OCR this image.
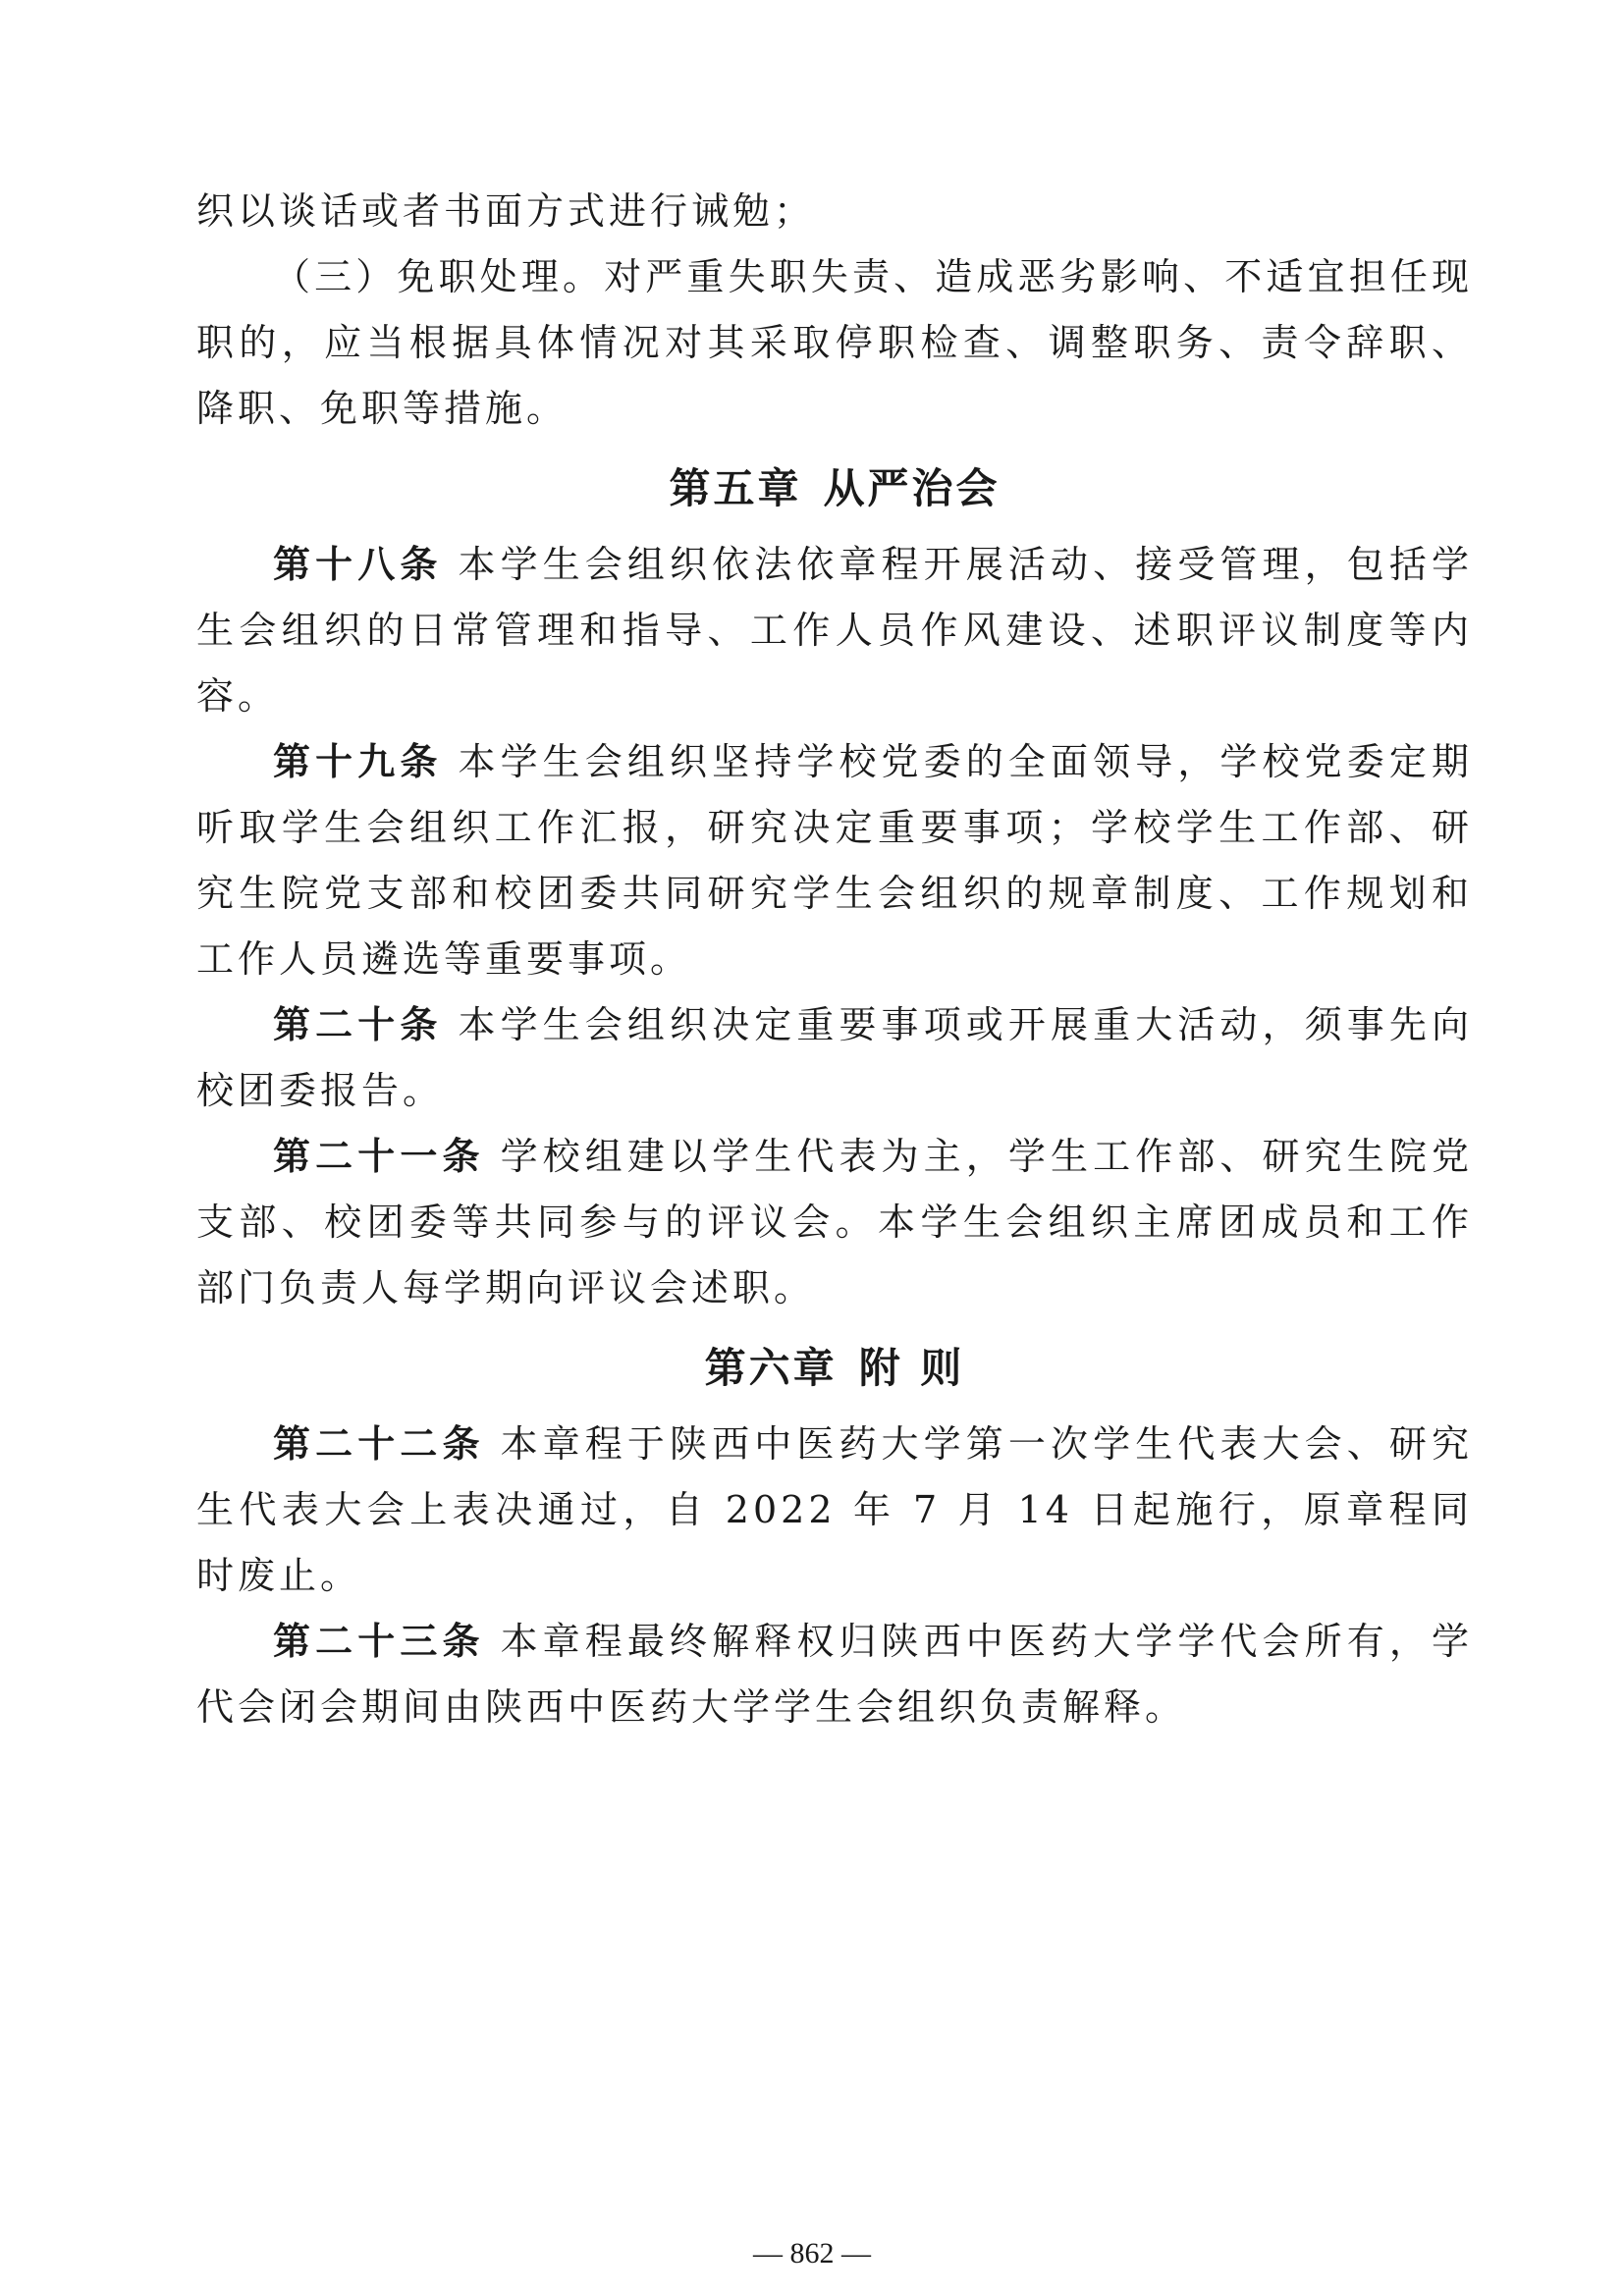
织以谈话或者书面方式进行诫勉；

（三）免职处理。对严重失职失责、造成恶劣影响、不适宜担任现职的，应当根据具体情况对其采取停职检查、调整职务、责令辞职、降职、免职等措施。

第五章 从严治会

第十八条 本学生会组织依法依章程开展活动、接受管理，包括学生会组织的日常管理和指导、工作人员作风建设、述职评议制度等内容。

第十九条 本学生会组织坚持学校党委的全面领导，学校党委定期听取学生会组织工作汇报，研究决定重要事项；学校学生工作部、研究生院党支部和校团委共同研究学生会组织的规章制度、工作规划和工作人员遴选等重要事项。

第二十条 本学生会组织决定重要事项或开展重大活动，须事先向校团委报告。

第二十一条 学校组建以学生代表为主，学生工作部、研究生院党支部、校团委等共同参与的评议会。本学生会组织主席团成员和工作部门负责人每学期向评议会述职。

第六章 附 则

第二十二条 本章程于陕西中医药大学第一次学生代表大会、研究生代表大会上表决通过，自 2022 年 7 月 14 日起施行，原章程同时废止。

第二十三条 本章程最终解释权归陕西中医药大学学代会所有，学代会闭会期间由陕西中医药大学学生会组织负责解释。

— 862 —
